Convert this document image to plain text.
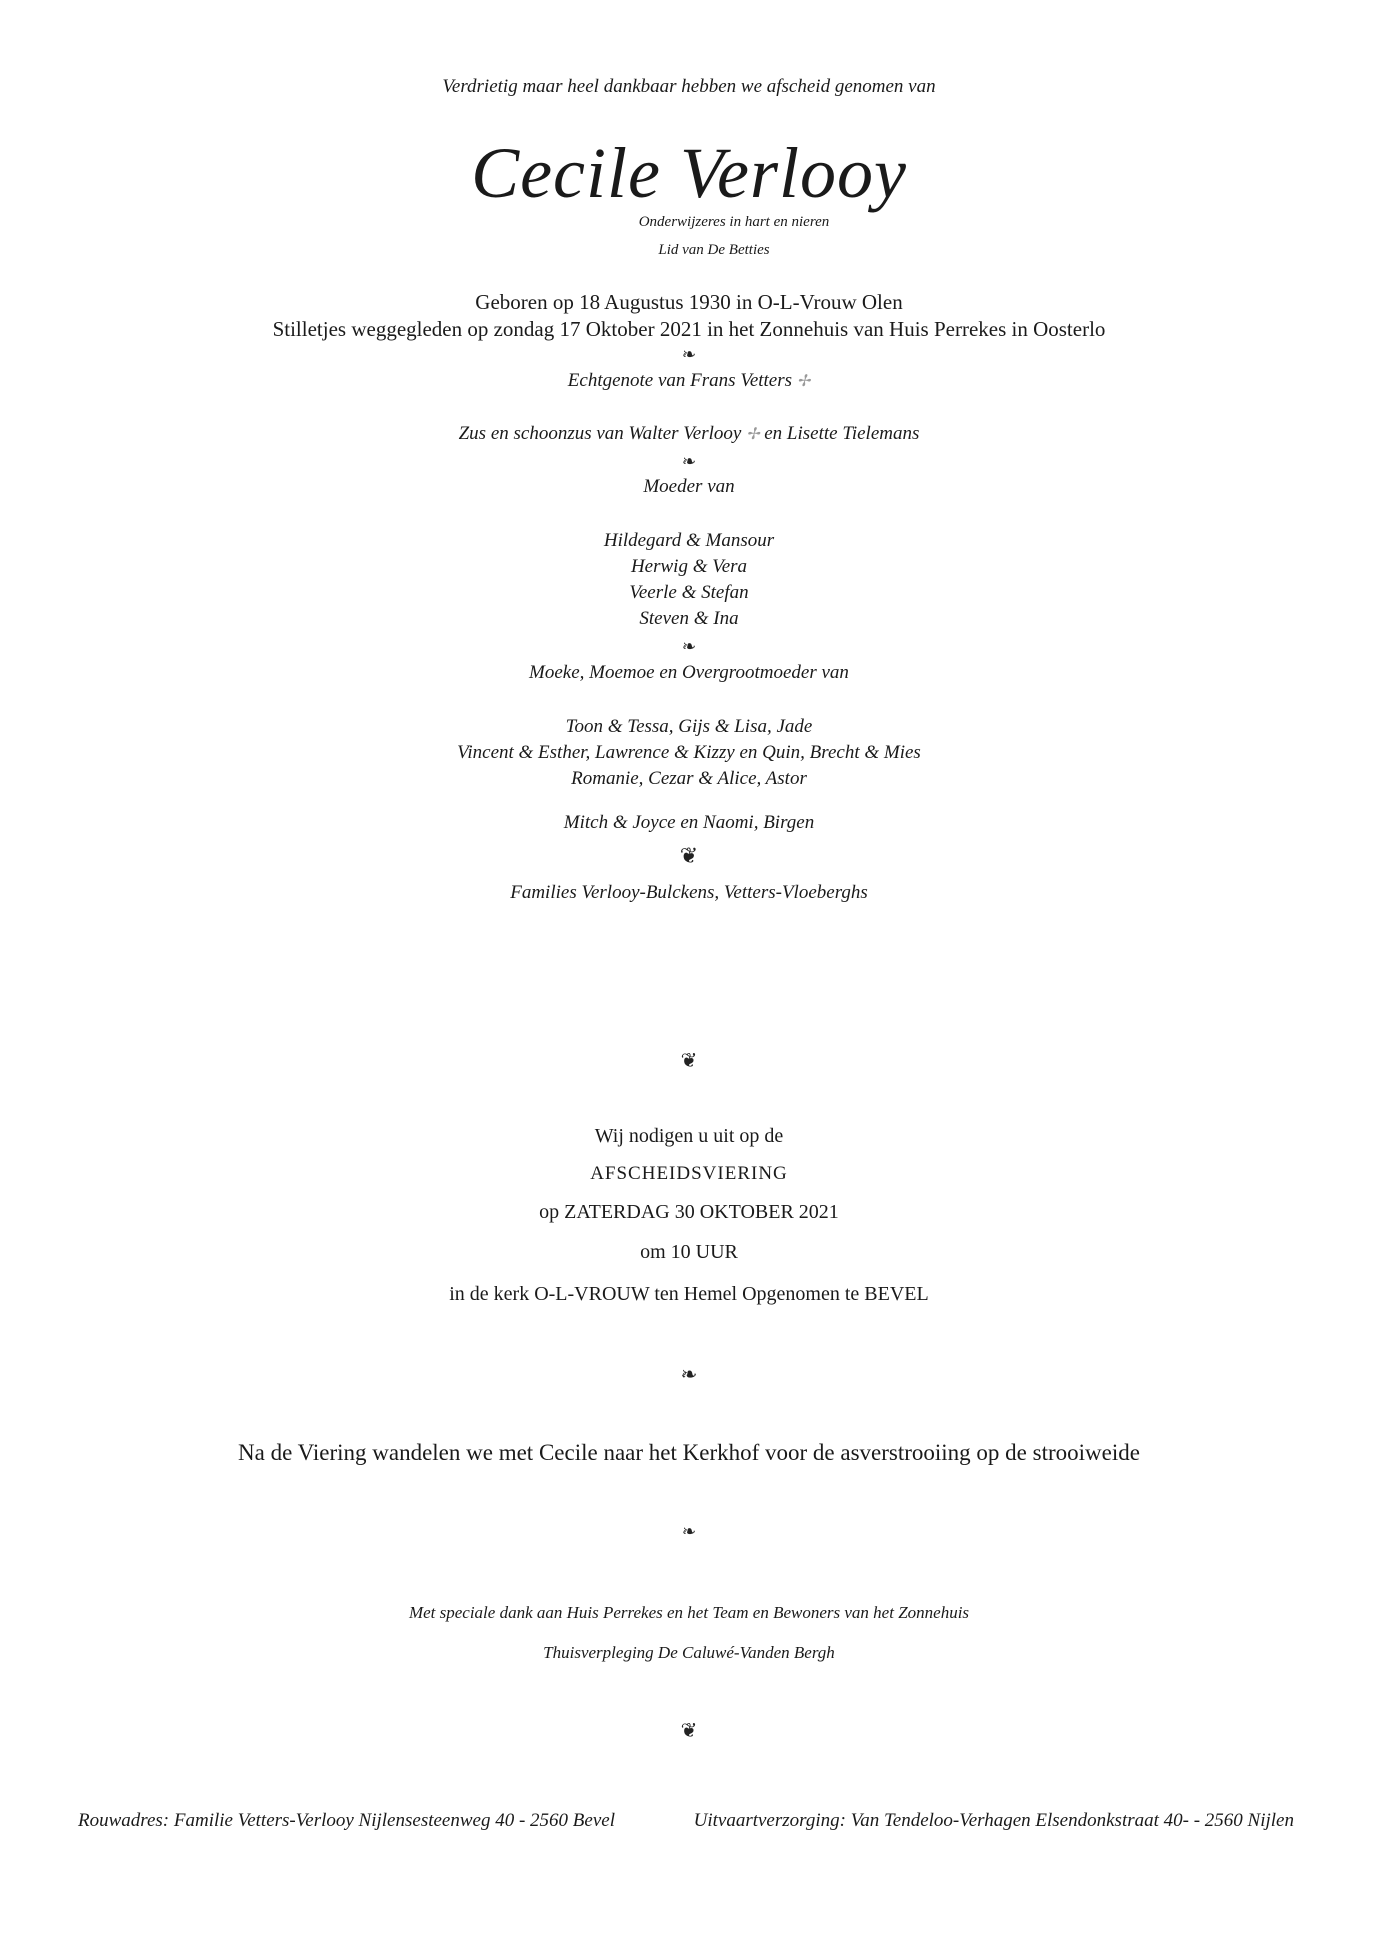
Verdrietig maar heel dankbaar hebben we afscheid genomen van
Cecile Verlooy
Onderwijzeres in hart en nieren
Lid van De Betties
Geboren op 18 Augustus 1930 in O-L-Vrouw Olen
Stilletjes weggegleden op zondag 17 Oktober 2021 in het Zonnehuis van Huis Perrekes in Oosterlo
❧
Echtgenote van Frans Vetters ✢
Zus en schoonzus van Walter Verlooy ✢ en Lisette Tielemans
❧
Moeder van
Hildegard & Mansour
Herwig & Vera
Veerle & Stefan
Steven & Ina
❧
Moeke, Moemoe en Overgrootmoeder van
Toon & Tessa, Gijs & Lisa, Jade
Vincent & Esther, Lawrence & Kizzy en Quin, Brecht & Mies
Romanie, Cezar & Alice, Astor
Mitch & Joyce en Naomi, Birgen
❦
Families Verlooy-Bulckens, Vetters-Vloeberghs
❦
Wij nodigen u uit op de
AFSCHEIDSVIERING
op ZATERDAG 30 OKTOBER 2021
om 10 UUR
in de kerk O-L-VROUW ten Hemel Opgenomen te BEVEL
❧
Na de Viering wandelen we met Cecile naar het Kerkhof voor de asverstrooiing op de strooiweide
❧
Met speciale dank aan Huis Perrekes en het Team en Bewoners van het Zonnehuis
Thuisverpleging De Caluwé-Vanden Bergh
❦
Rouwadres: Familie Vetters-Verlooy Nijlensesteenweg 40 - 2560 Bevel	Uitvaartverzorging: Van Tendeloo-Verhagen Elsendonkstraat 40- - 2560 Nijlen
